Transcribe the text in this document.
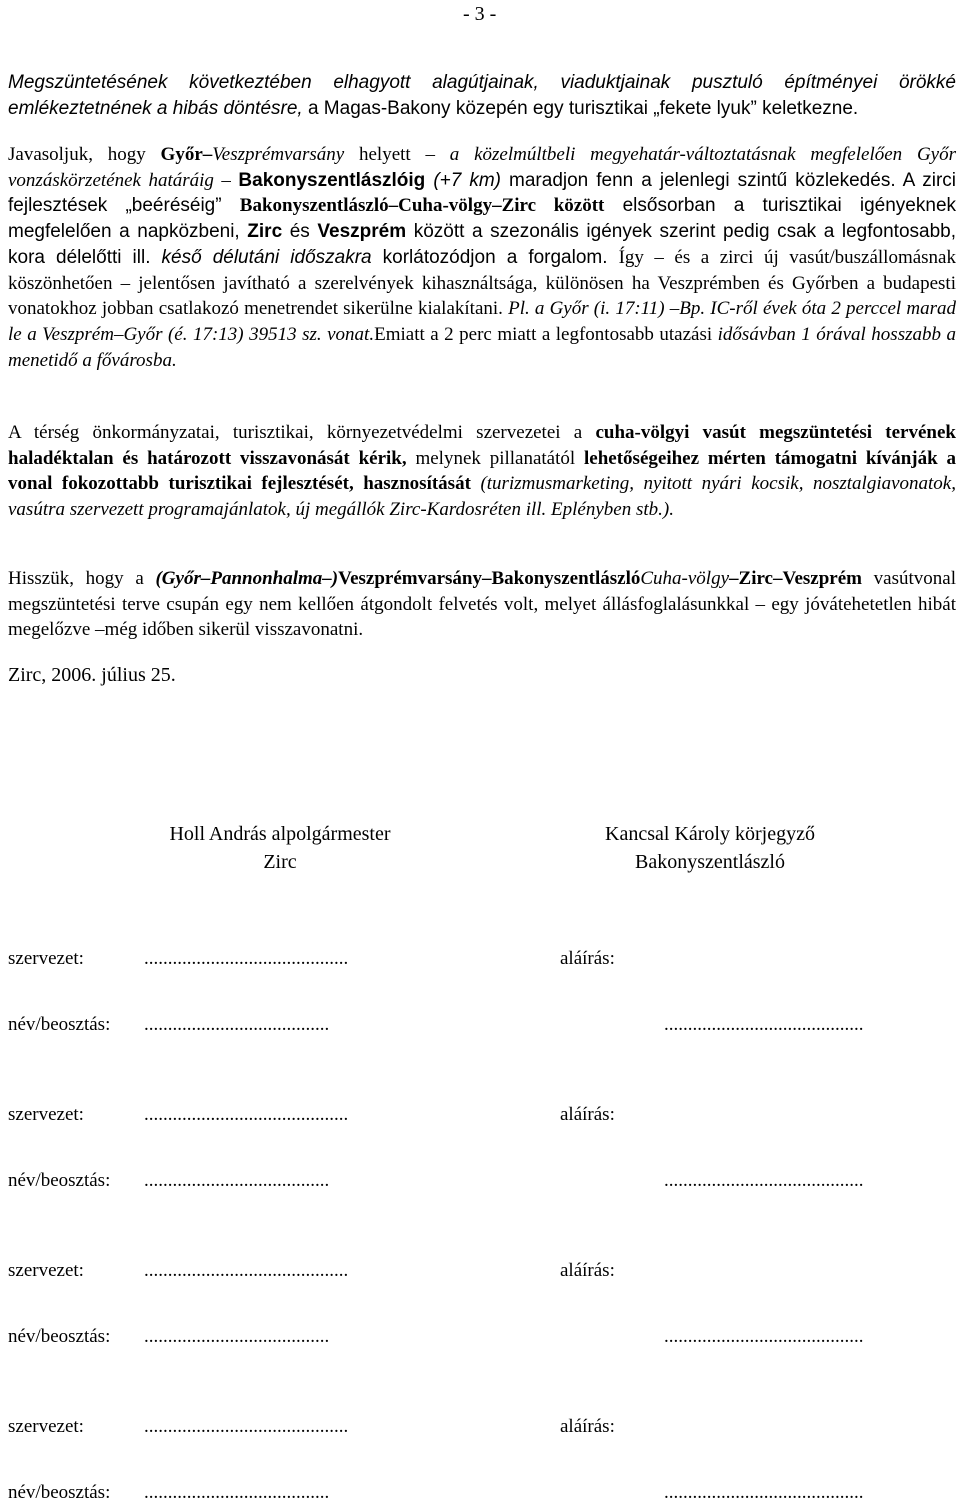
- 3 -

Megszüntetésének következtében elhagyott alagútjainak, viaduktjainak pusztuló építményei örökké emlékeztetnének a hibás döntésre, a Magas-Bakony közepén egy turisztikai „fekete lyuk” keletkezne.

Javasoljuk, hogy Győr–Veszprémvarsány helyett – a közelmúltbeli megyehatár-változtatásnak megfelelően Győr vonzáskörzetének határáig – Bakonyszentlászlóig (+7 km) maradjon fenn a jelenlegi szintű közlekedés. A zirci fejlesztések „beéréséig” Bakonyszentlászló–Cuha-völgy–Zirc között elsősorban a turisztikai igényeknek megfelelően a napközbeni, Zirc és Veszprém között a szezonális igények szerint pedig csak a legfontosabb, kora délelőtti ill. késő délutáni időszakra korlátozódjon a forgalom. Így – és a zirci új vasút/buszállomásnak köszönhetően – jelentősen javítható a szerelvények kihasználtsága, különösen ha Veszprémben és Győrben a budapesti vonatokhoz jobban csatlakozó menetrendet sikerülne kialakítani. Pl. a Győr (i. 17:11) –Bp. IC-ről évek óta 2 perccel marad le a Veszprém–Győr (é. 17:13) 39513 sz. vonat.Emiatt a 2 perc miatt a legfontosabb utazási idősávban 1 órával hosszabb a menetidő a fővárosba.

A térség önkormányzatai, turisztikai, környezetvédelmi szervezetei a cuha-völgyi vasút megszüntetési tervének haladéktalan és határozott visszavonását kérik, melynek pillanatától lehetőségeihez mérten támogatni kívánják a vonal fokozottabb turisztikai fejlesztését, hasznosítását (turizmusmarketing, nyitott nyári kocsik, nosztalgiavonatok, vasútra szervezett programajánlatok, új megállók Zirc-Kardosréten ill. Eplényben stb.).

Hisszük, hogy a (Győr–Pannonhalma–)Veszprémvarsány–BakonyszentlászlóCuha-völgy–Zirc–Veszprém vasútvonal megszüntetési terve csupán egy nem kellően átgondolt felvetés volt, melyet állásfoglalásunkkal – egy jóvátehetetlen hibát megelőzve –még időben sikerül visszavonatni.

Zirc, 2006. július 25.
Holl András alpolgármester
Zirc
Kancsal Károly körjegyző
Bakonyszentlászló
szervezet:	...........................................	aláírás:
név/beosztás: .......................................	..........................................
szervezet:	...........................................	aláírás:
név/beosztás: .......................................	..........................................
szervezet:	...........................................	aláírás:
név/beosztás: .......................................	..........................................
szervezet:	...........................................	aláírás:
név/beosztás: .......................................	..........................................
